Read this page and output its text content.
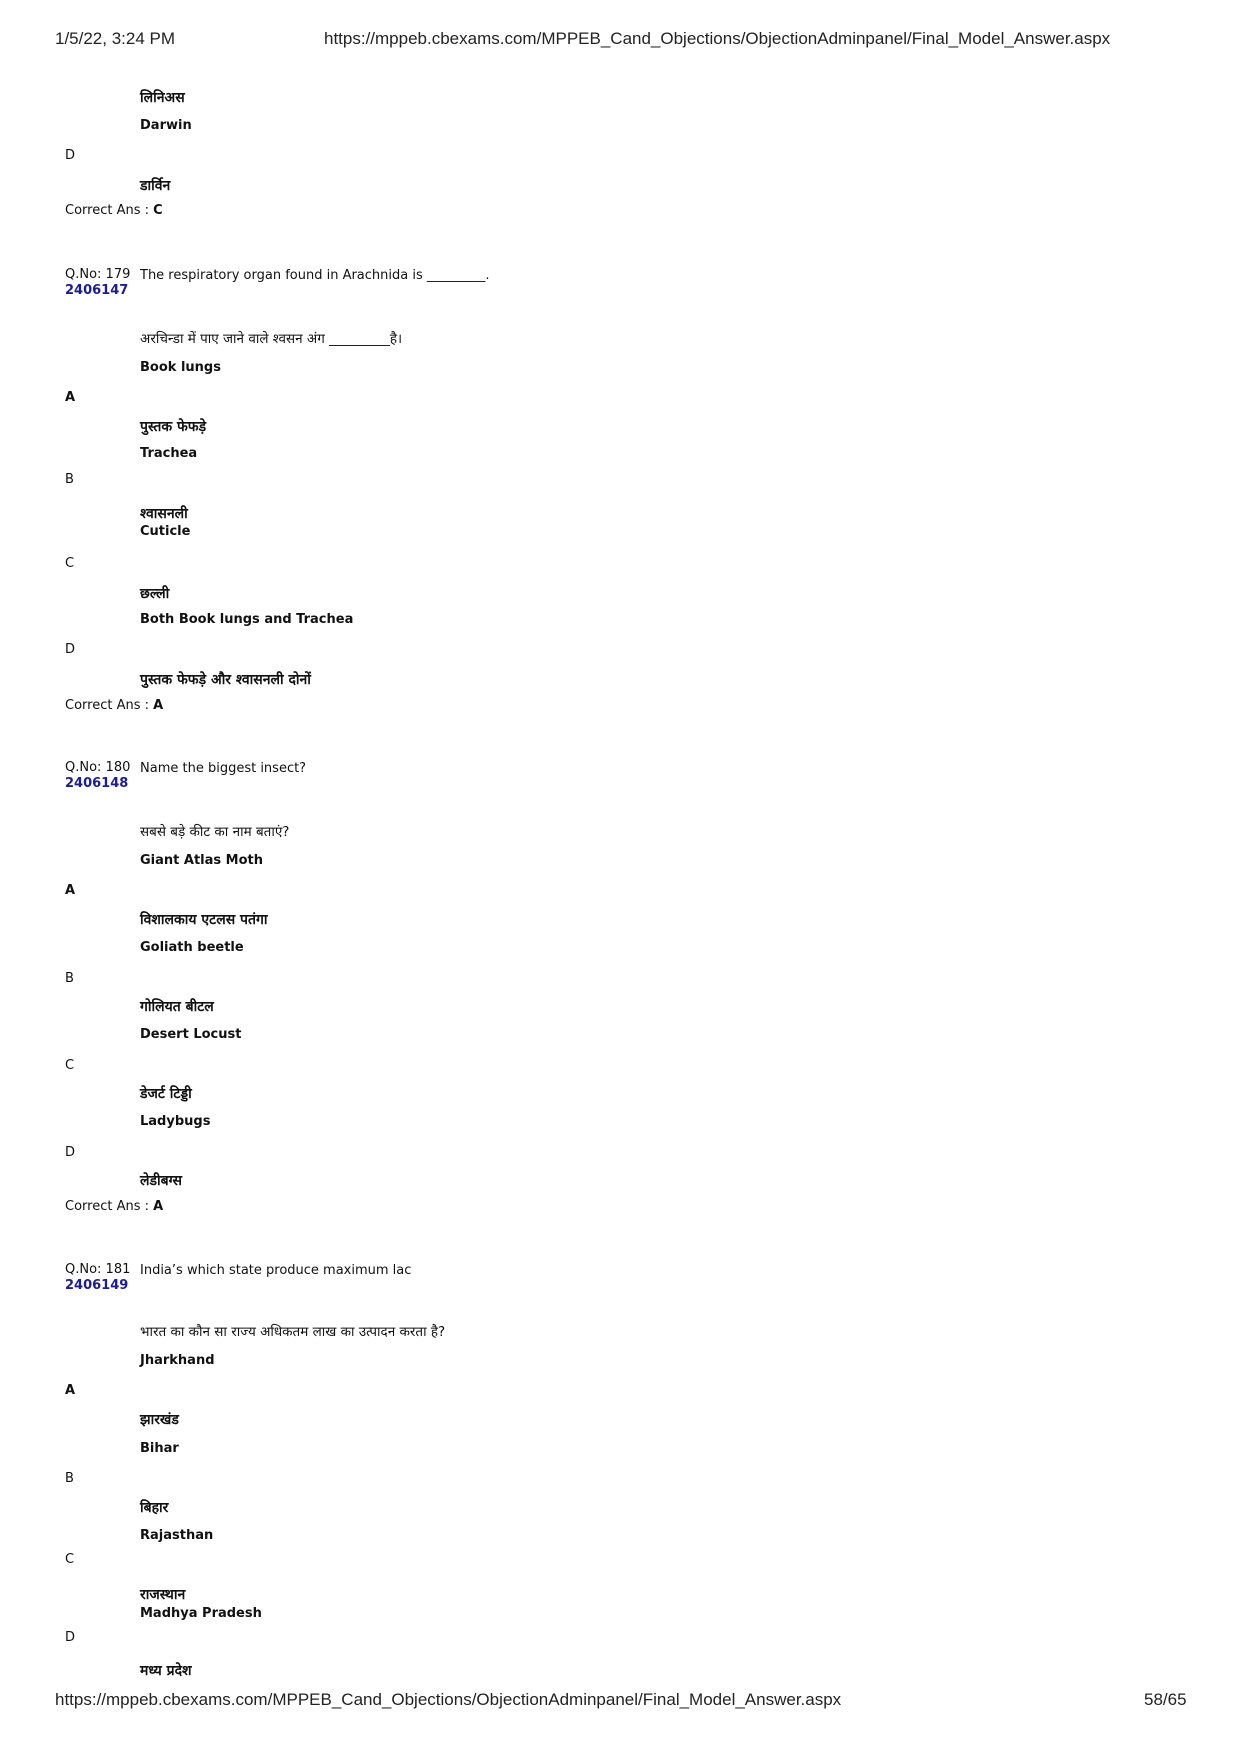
1/5/22, 3:24 PM	https://mppeb.cbexams.com/MPPEB_Cand_Objections/ObjectionAdminpanel/Final_Model_Answer.aspx
लिनिअस
Darwin
D
डार्विन
Correct Ans : C
Q.No: 179
2406147
The respiratory organ found in Arachnida is _________.
अरचिन्डा में पाए जाने वाले श्वसन अंग _________है।
Book lungs
A
पुस्तक फेफड़े
Trachea
B
श्वासनली
Cuticle
C
छल्ली
Both Book lungs and Trachea
D
पुस्तक फेफड़े और श्वासनली दोनों
Correct Ans : A
Q.No: 180
2406148
Name the biggest insect?
सबसे बड़े कीट का नाम बताएं?
Giant Atlas Moth
A
विशालकाय एटलस पतंगा
Goliath beetle
B
गोलियत बीटल
Desert Locust
C
डेजर्ट टिड्डी
Ladybugs
D
लेडीबग्स
Correct Ans : A
Q.No: 181
2406149
India’s which state produce maximum lac
भारत का कौन सा राज्य अधिकतम लाख का उत्पादन करता है?
Jharkhand
A
झारखंड
Bihar
B
बिहार
Rajasthan
C
राजस्थान
Madhya Pradesh
D
मध्य प्रदेश
https://mppeb.cbexams.com/MPPEB_Cand_Objections/ObjectionAdminpanel/Final_Model_Answer.aspx	58/65
